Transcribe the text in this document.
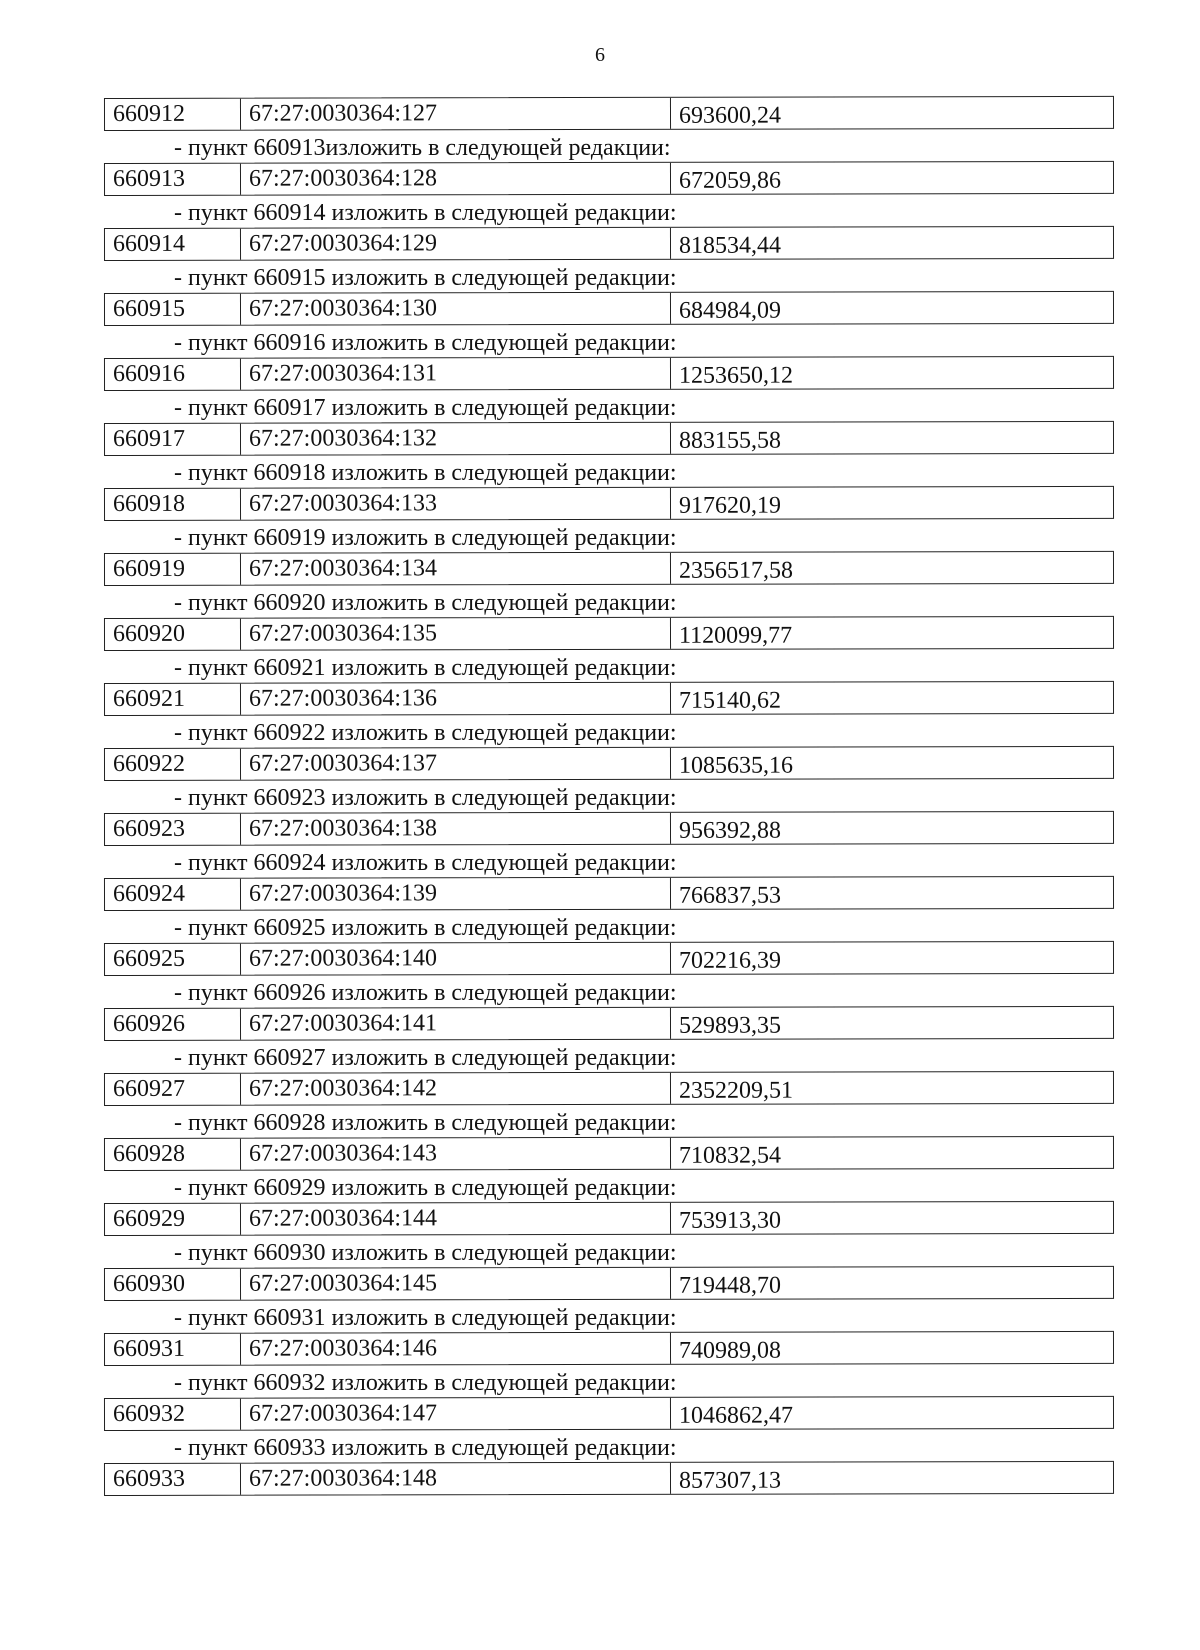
6
660912	67:27:0030364:127	693600,24
- пункт 660913изложить в следующей редакции:
660913	67:27:0030364:128	672059,86
- пункт 660914 изложить в следующей редакции:
660914	67:27:0030364:129	818534,44
- пункт 660915 изложить в следующей редакции:
660915	67:27:0030364:130	684984,09
- пункт 660916 изложить в следующей редакции:
660916	67:27:0030364:131	1253650,12
- пункт 660917 изложить в следующей редакции:
660917	67:27:0030364:132	883155,58
- пункт 660918 изложить в следующей редакции:
660918	67:27:0030364:133	917620,19
- пункт 660919 изложить в следующей редакции:
660919	67:27:0030364:134	2356517,58
- пункт 660920 изложить в следующей редакции:
660920	67:27:0030364:135	1120099,77
- пункт 660921 изложить в следующей редакции:
660921	67:27:0030364:136	715140,62
- пункт 660922 изложить в следующей редакции:
660922	67:27:0030364:137	1085635,16
- пункт 660923 изложить в следующей редакции:
660923	67:27:0030364:138	956392,88
- пункт 660924 изложить в следующей редакции:
660924	67:27:0030364:139	766837,53
- пункт 660925 изложить в следующей редакции:
660925	67:27:0030364:140	702216,39
- пункт 660926 изложить в следующей редакции:
660926	67:27:0030364:141	529893,35
- пункт 660927 изложить в следующей редакции:
660927	67:27:0030364:142	2352209,51
- пункт 660928 изложить в следующей редакции:
660928	67:27:0030364:143	710832,54
- пункт 660929 изложить в следующей редакции:
660929	67:27:0030364:144	753913,30
- пункт 660930 изложить в следующей редакции:
660930	67:27:0030364:145	719448,70
- пункт 660931 изложить в следующей редакции:
660931	67:27:0030364:146	740989,08
- пункт 660932 изложить в следующей редакции:
660932	67:27:0030364:147	1046862,47
- пункт 660933 изложить в следующей редакции:
660933	67:27:0030364:148	857307,13
